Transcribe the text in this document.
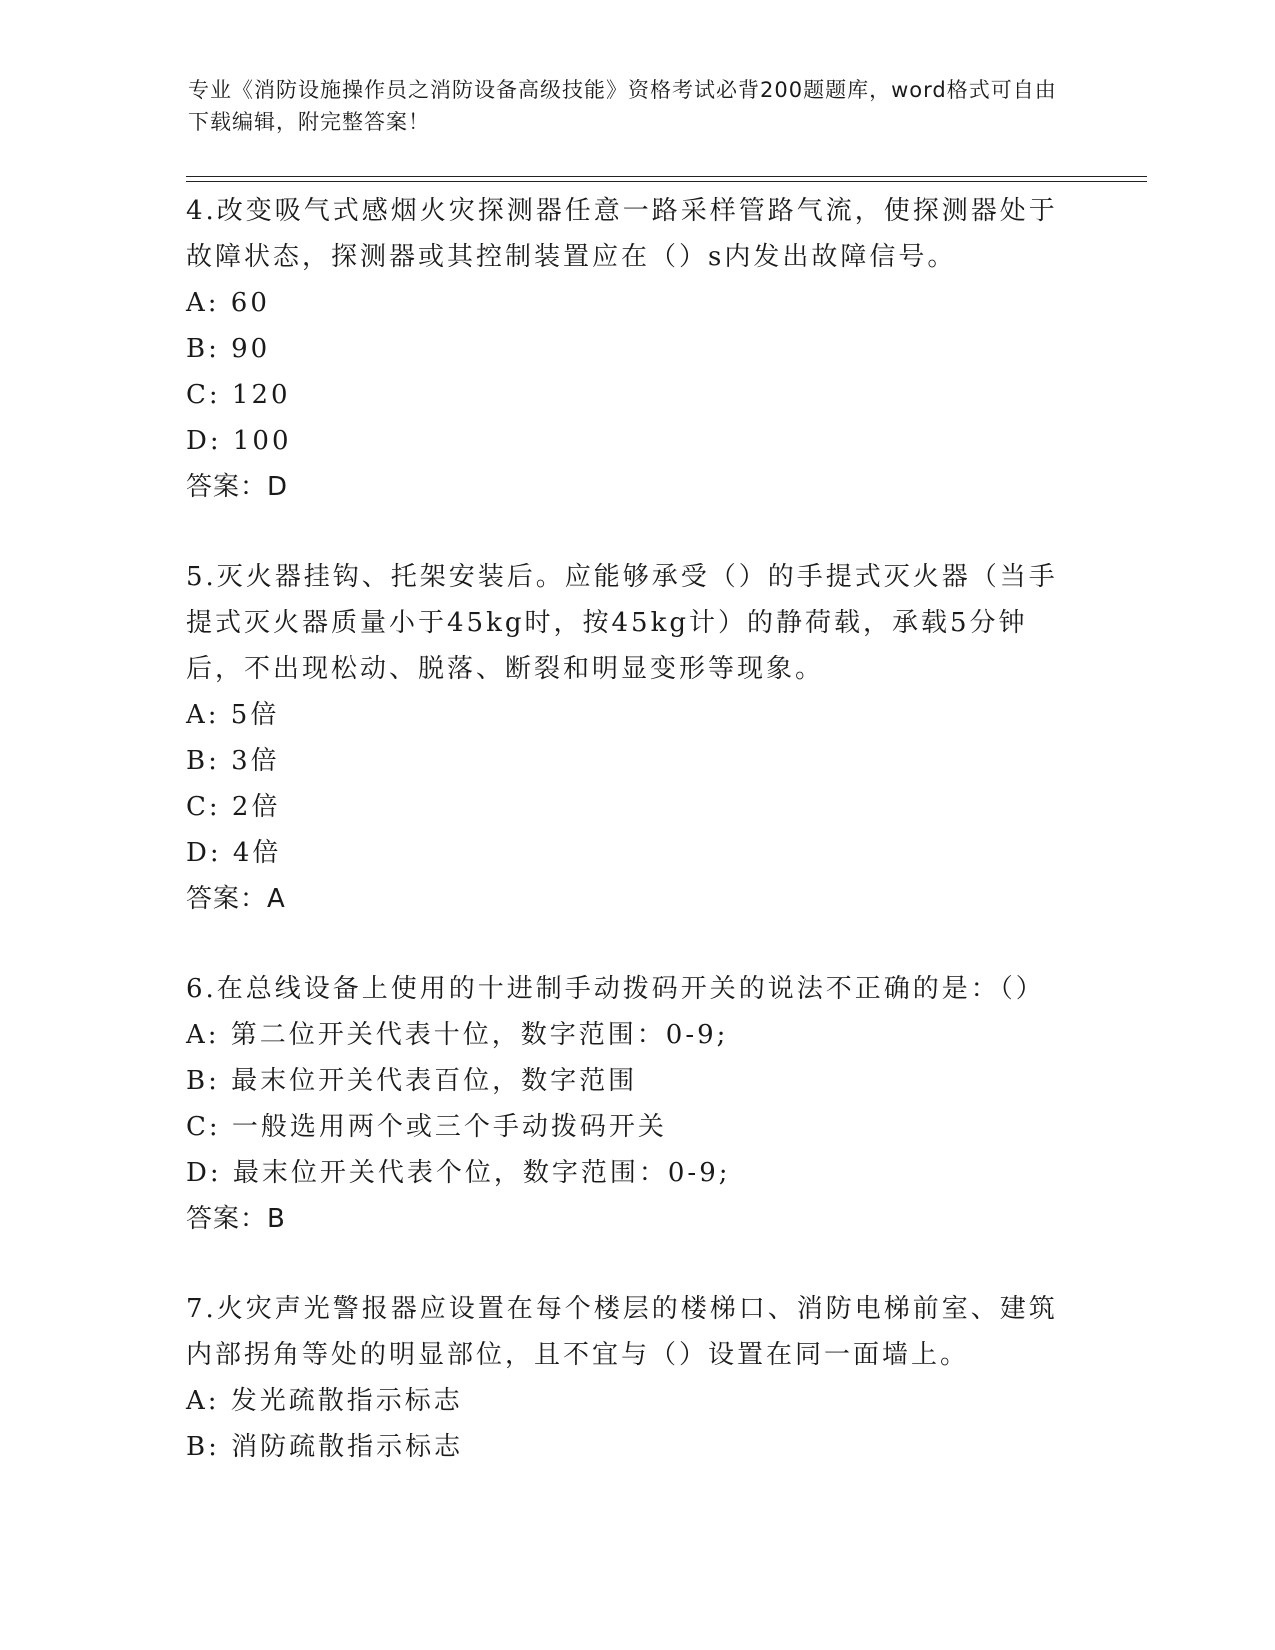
专业《消防设施操作员之消防设备高级技能》资格考试必背200题题库，word格式可自由下载编辑，附完整答案！
4.改变吸气式感烟火灾探测器任意一路采样管路气流，使探测器处于故障状态，探测器或其控制装置应在（）s内发出故障信号。
A: 60
B: 90
C: 120
D: 100
答案：D
5.灭火器挂钩、托架安装后。应能够承受（）的手提式灭火器（当手提式灭火器质量小于45kg时，按45kg计）的静荷载，承载5分钟后，不出现松动、脱落、断裂和明显变形等现象。
A: 5倍
B: 3倍
C: 2倍
D: 4倍
答案：A
6.在总线设备上使用的十进制手动拨码开关的说法不正确的是：（）
A: 第二位开关代表十位，数字范围：0-9;
B: 最末位开关代表百位，数字范围
C: 一般选用两个或三个手动拨码开关
D: 最末位开关代表个位，数字范围：0-9;
答案：B
7.火灾声光警报器应设置在每个楼层的楼梯口、消防电梯前室、建筑内部拐角等处的明显部位，且不宜与（）设置在同一面墙上。
A: 发光疏散指示标志
B: 消防疏散指示标志
